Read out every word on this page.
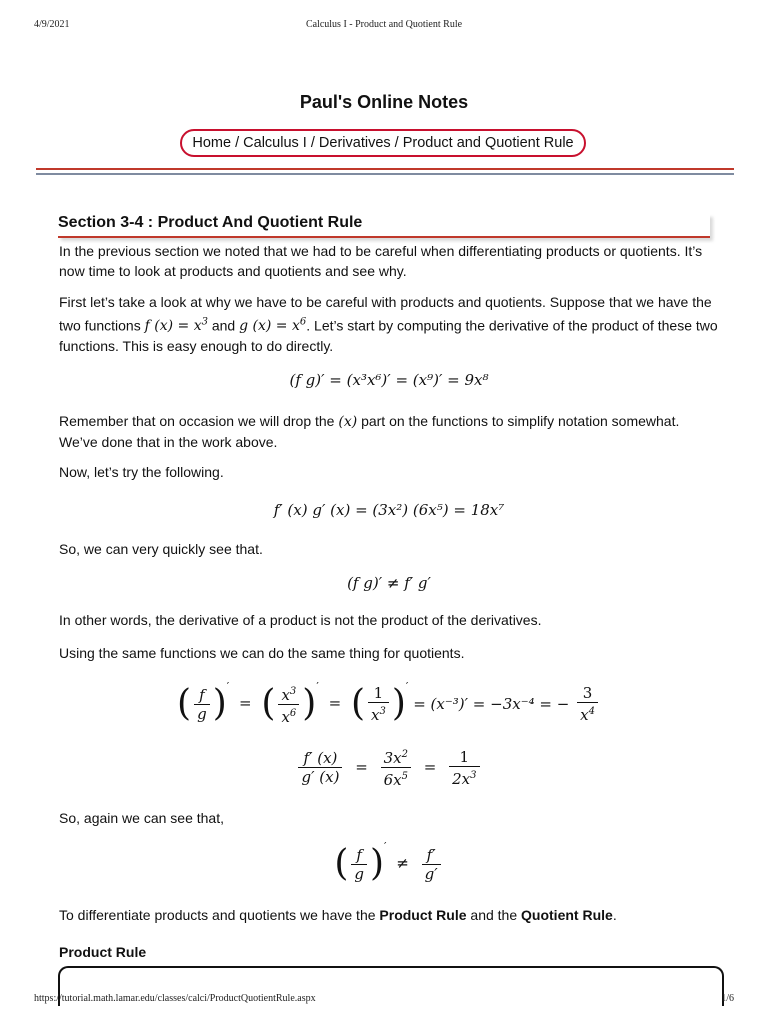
4/9/2021	Calculus I - Product and Quotient Rule
Paul's Online Notes
Home / Calculus I / Derivatives / Product and Quotient Rule
Section 3-4 : Product And Quotient Rule
In the previous section we noted that we had to be careful when differentiating products or quotients. It’s now time to look at products and quotients and see why.
First let’s take a look at why we have to be careful with products and quotients. Suppose that we have the two functions f $(x) = x^3$ and g $(x) = x^6$. Let’s start by computing the derivative of the product of these two functions. This is easy enough to do directly.
(f g)′ = (x³x⁶)′ = (x⁹)′ = 9x⁸
Remember that on occasion we will drop the (x) part on the functions to simplify notation somewhat. We’ve done that in the work above.
Now, let’s try the following.
f′ (x) g′ (x) = (3x²) (6x⁵) = 18x⁷
So, we can very quickly see that.
(f g)′ ≠ f′ g′
In other words, the derivative of a product is not the product of the derivatives.
Using the same functions we can do the same thing for quotients.
( $\frac{f}{g} )'$ = ( $\frac{x^3}{x^6} )'$ = ( $\frac{1}{x^3} )' = (x^{-3})' = -3x^{-4}$ = − $\frac{3}{x^4}$
$\frac{f' (x)}{g' (x)} = \frac{3x^2}{6x^5} = \frac{1}{2x^3}$
So, again we can see that,
( $\frac{f}{g} )' \ne \frac{f'}{g'}$
To differentiate products and quotients we have the Product Rule and the Quotient Rule.
Product Rule
https://tutorial.math.lamar.edu/classes/calci/ProductQuotientRule.aspx	1/6
